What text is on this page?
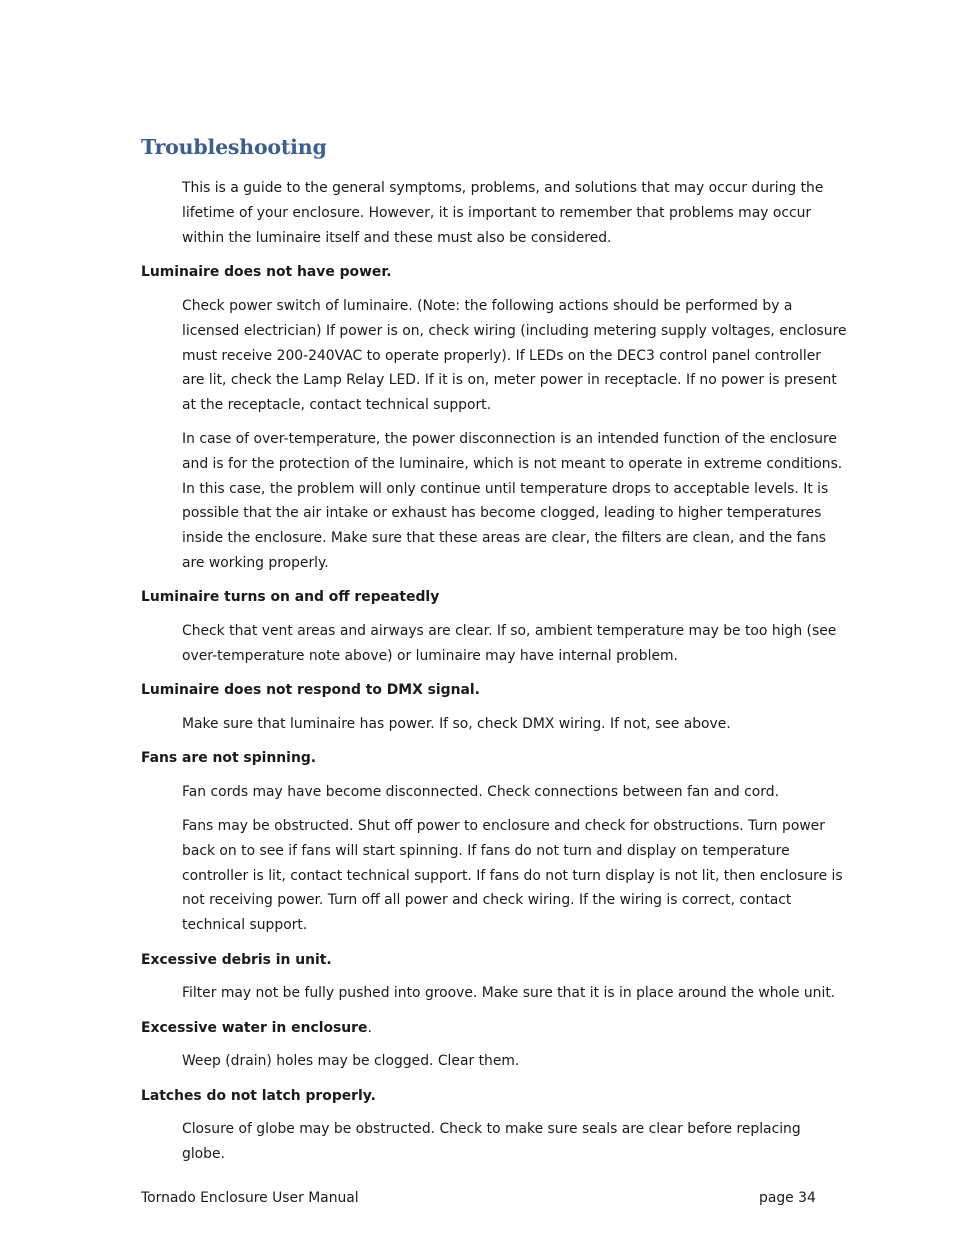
Troubleshooting

This is a guide to the general symptoms, problems, and solutions that may occur during the lifetime of your enclosure. However, it is important to remember that problems may occur within the luminaire itself and these must also be considered.

Luminaire does not have power.

Check power switch of luminaire. (Note: the following actions should be performed by a licensed electrician) If power is on, check wiring (including metering supply voltages, enclosure must receive 200-240VAC to operate properly). If LEDs on the DEC3 control panel controller are lit, check the Lamp Relay LED. If it is on, meter power in receptacle. If no power is present at the receptacle, contact technical support.

In case of over-temperature, the power disconnection is an intended function of the enclosure and is for the protection of the luminaire, which is not meant to operate in extreme conditions. In this case, the problem will only continue until temperature drops to acceptable levels. It is possible that the air intake or exhaust has become clogged, leading to higher temperatures inside the enclosure. Make sure that these areas are clear, the filters are clean, and the fans are working properly.

Luminaire turns on and off repeatedly

Check that vent areas and airways are clear. If so, ambient temperature may be too high (see over-temperature note above) or luminaire may have internal problem.

Luminaire does not respond to DMX signal.

Make sure that luminaire has power. If so, check DMX wiring. If not, see above.

Fans are not spinning.

Fan cords may have become disconnected. Check connections between fan and cord.

Fans may be obstructed. Shut off power to enclosure and check for obstructions. Turn power back on to see if fans will start spinning. If fans do not turn and display on temperature controller is lit, contact technical support. If fans do not turn display is not lit, then enclosure is not receiving power. Turn off all power and check wiring. If the wiring is correct, contact technical support.

Excessive debris in unit.

Filter may not be fully pushed into groove. Make sure that it is in place around the whole unit.

Excessive water in enclosure.

Weep (drain) holes may be clogged. Clear them.

Latches do not latch properly.

Closure of globe may be obstructed. Check to make sure seals are clear before replacing globe.

Tornado Enclosure User Manual	page 34
